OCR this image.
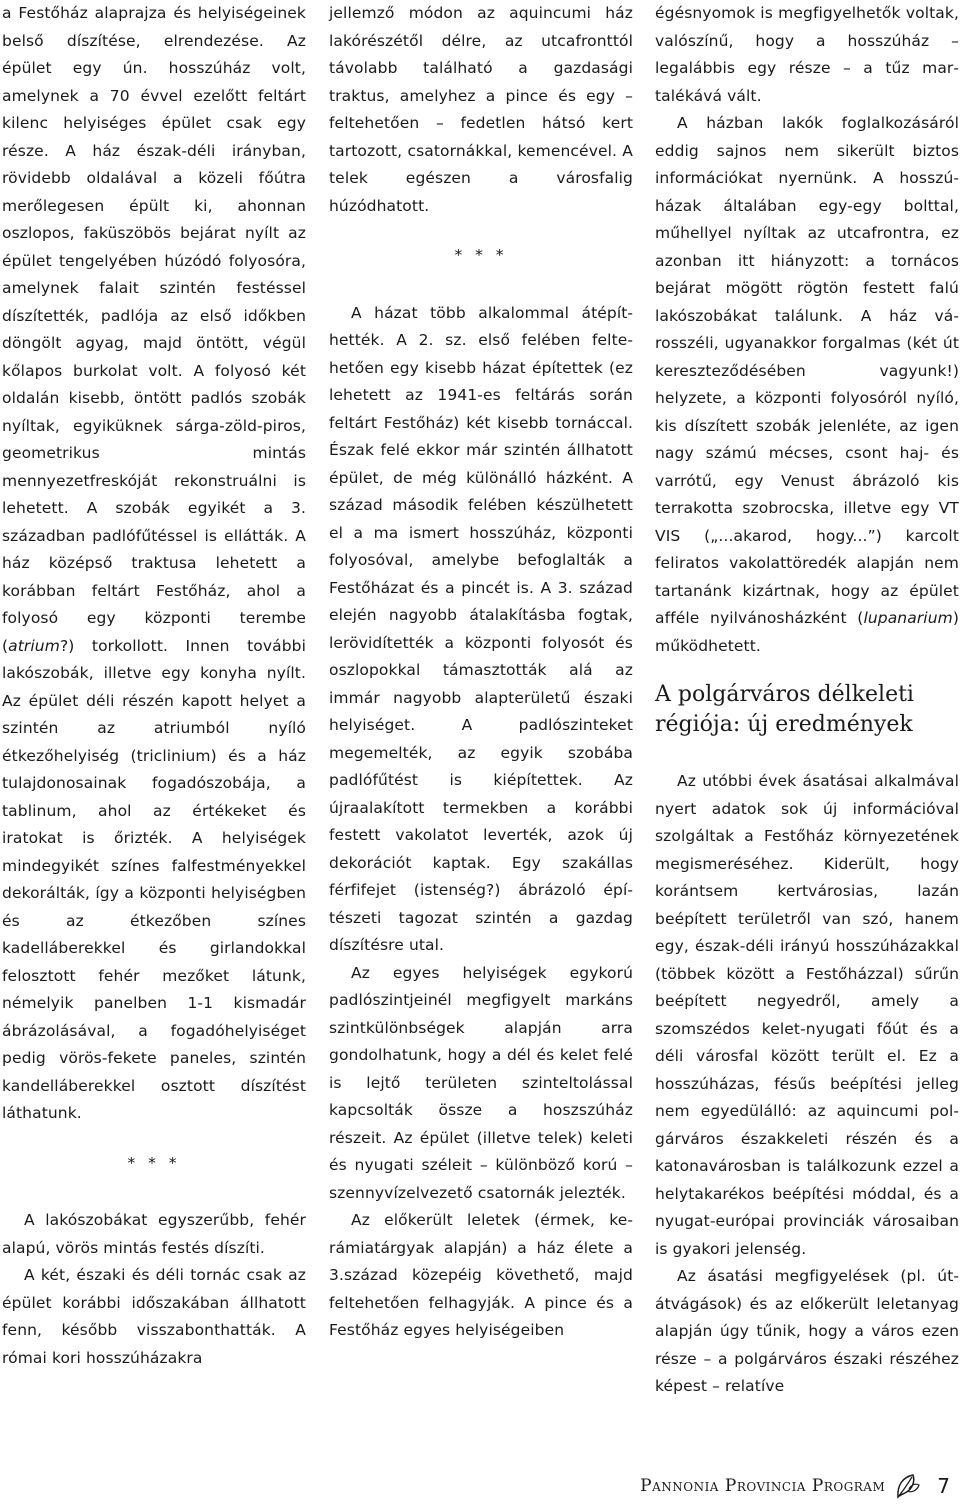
a Festőház alaprajza és helyiségeinek belső díszítése, elrendezése. Az épület egy ún. hosszúház volt, amelynek a 70 évvel ezelőtt feltárt kilenc helyiséges épület csak egy része. A ház észak-déli irányban, rövidebb oldalával a közeli főútra merőlegesen épült ki, ahonnan oszlopos, faküszöbös bejárat nyílt az épület tengelyében húzódó folyosóra, amelynek falait szintén festéssel díszítették, padlója az első időkben döngölt agyag, majd öntött, végül kőlapos burkolat volt. A folyosó két oldalán kisebb, öntött padlós szobák nyíltak, egyiküknek sárga-zöld-piros, geometrikus mintás mennyezetfreskóját rekonstruálni is lehetett. A szobák egyikét a 3. században padlófűtéssel is ellátták. A ház középső traktusa lehetett a korábban feltárt Festőház, ahol a folyosó egy központi terembe (atrium?) torkollott. Innen további lakószobák, illetve egy konyha nyílt. Az épület déli részén kapott helyet a szintén az atriumból nyíló étkezőhelyiség (triclinium) és a ház tulajdonosainak fogadószobája, a tablinum, ahol az értékeket és iratokat is őrizték. A helyiségek mindegyikét színes falfestményekkel dekorálták, így a központi helyiségben és az étkezőben színes kadelláberekkel és girlandokkal felosztott fehér mezőket látunk, némelyik panelben 1-1 kismadár ábrázolásával, a fogadóhelyiséget pedig vörös-fekete paneles, szintén kandelláberekkel osztott díszítést láthatunk.

* * *

A lakószobákat egyszerűbb, fehér alapú, vörös mintás festés díszíti.

A két, északi és déli tornác csak az épület korábbi időszakában állhatott fenn, később visszabonthatták. A római kori hosszúházakra

jellemző módon az aquincumi ház lakórészétől délre, az utcafronttól távolabb található a gazdasági traktus, amelyhez a pince és egy – feltehetően – fedetlen hátsó kert tartozott, csatornákkal, kemencével. A telek egészen a városfalig húzódhatott.

* * *

A házat több alkalommal átépíthették. A 2. sz. első felében feltehetően egy kisebb házat építettek (ez lehetett az 1941-es feltárás során feltárt Festőház) két kisebb tornáccal. Észak felé ekkor már szintén állhatott épület, de még különálló házként. A század második felében készülhetett el a ma ismert hosszúház, központi folyosóval, amelybe befoglalták a Festőházat és a pincét is. A 3. század elején nagyobb átalakításba fogtak, lerövidítették a központi folyosót és oszlopokkal támasztották alá az immár nagyobb alapterületű északi helyiséget. A padlószinteket megemelték, az egyik szobába padlófűtést is kiépítettek. Az újraalakított termekben a korábbi festett vakolatot leverték, azok új dekorációt kaptak. Egy szakállas férfifejet (istenség?) ábrázoló építészeti tagozat szintén a gazdag díszítésre utal.

Az egyes helyiségek egykorú padlószintjeinél megfigyelt markáns szintkülönbségek alapján arra gondolhatunk, hogy a dél és kelet felé is lejtő területen szinteltolással kapcsolták össze a hoszszúház részeit. Az épület (illetve telek) keleti és nyugati széleit – különböző korú – szennyvízelvezető csatornák jelezték.

Az előkerült leletek (érmek, kerámiatárgyak alapján) a ház élete a 3.század közepéig követhető, majd feltehetően felhagyják. A pince és a Festőház egyes helyiségeiben

égésnyomok is megfigyelhetők voltak, valószínű, hogy a hosszúház – legalábbis egy része – a tűz martalékává vált.

A házban lakók foglalkozásáról eddig sajnos nem sikerült biztos információkat nyernünk. A hosszúházak általában egy-egy bolttal, műhellyel nyíltak az utcafrontra, ez azonban itt hiányzott: a tornácos bejárat mögött rögtön festett falú lakószobákat találunk. A ház városszéli, ugyanakkor forgalmas (két út kereszteződésében vagyunk!) helyzete, a központi folyosóról nyíló, kis díszített szobák jelenléte, az igen nagy számú mécses, csont haj- és varrótű, egy Venust ábrázoló kis terrakotta szobrocska, illetve egy VT VIS („...akarod, hogy...”) karcolt feliratos vakolattöredék alapján nem tartanánk kizártnak, hogy az épület afféle nyilvánosházként (lupanarium) működhetett.

A polgárváros délkeleti régiója: új eredmények

Az utóbbi évek ásatásai alkalmával nyert adatok sok új információval szolgáltak a Festőház környezetének megismeréséhez. Kiderült, hogy korántsem kertvárosias, lazán beépített területről van szó, hanem egy, észak-déli irányú hosszúházakkal (többek között a Festőházzal) sűrűn beépített negyedről, amely a szomszédos kelet-nyugati főút és a déli városfal között terült el. Ez a hosszúházas, fésűs beépítési jelleg nem egyedülálló: az aquincumi polgárváros északkeleti részén és a katonavárosban is találkozunk ezzel a helytakarékos beépítési móddal, és a nyugat-európai provinciák városaiban is gyakori jelenség.

Az ásatási megfigyelések (pl. útátvágások) és az előkerült leletanyag alapján úgy tűnik, hogy a város ezen része – a polgárváros északi részéhez képest – relatíve

Pannonia Provincia Program	7
